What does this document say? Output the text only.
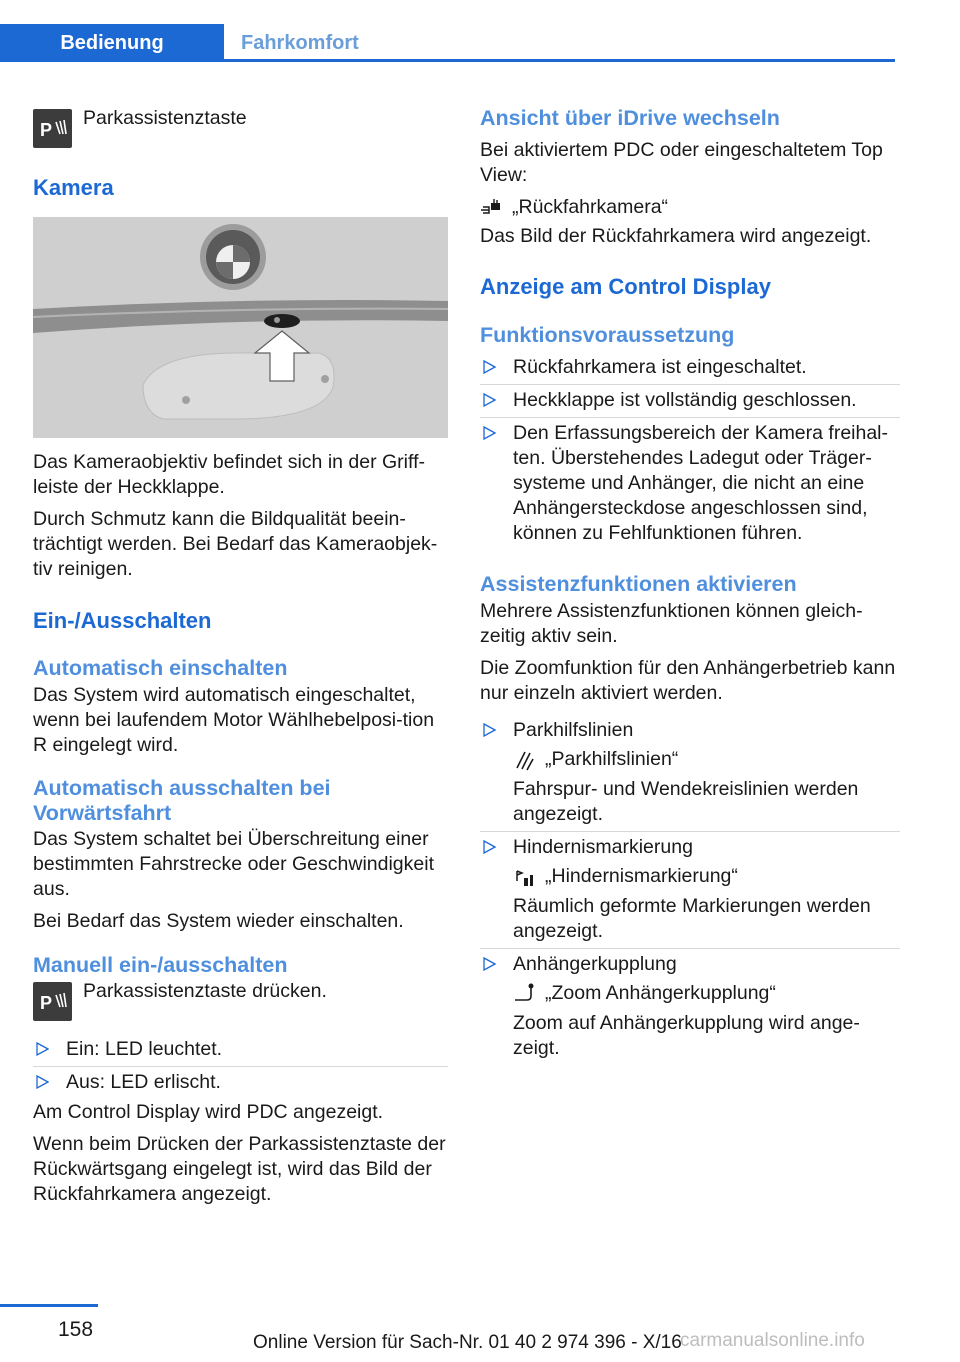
Bedienung	Fahrkomfort
P
Parkassistenztaste
Kamera

Das Kameraobjektiv befindet sich in der Griff-leiste der Heckklappe.

Durch Schmutz kann die Bildqualität beein-trächtigt werden. Bei Bedarf das Kameraobjek-tiv reinigen.

Ein-/Ausschalten
Automatisch einschalten

Das System wird automatisch eingeschaltet, wenn bei laufendem Motor Wählhebelposi-tion R eingelegt wird.

Automatisch ausschalten bei Vorwärtsfahrt

Das System schaltet bei Überschreitung einer bestimmten Fahrstrecke oder Geschwindigkeit aus.

Bei Bedarf das System wieder einschalten.

Manuell ein-/ausschalten
P
Parkassistenztaste drücken.
Ein: LED leuchtet.
Aus: LED erlischt.

Am Control Display wird PDC angezeigt.

Wenn beim Drücken der Parkassistenztaste der Rückwärtsgang eingelegt ist, wird das Bild der Rückfahrkamera angezeigt.

Ansicht über iDrive wechseln

Bei aktiviertem PDC oder eingeschaltetem Top View:

„Rückfahrkamera“

Das Bild der Rückfahrkamera wird angezeigt.

Anzeige am Control Display
Funktionsvoraussetzung
Rückfahrkamera ist eingeschaltet.
Heckklappe ist vollständig geschlossen.
Den Erfassungsbereich der Kamera freihal-ten. Überstehendes Ladegut oder Träger-systeme und Anhänger, die nicht an eine Anhängersteckdose angeschlossen sind, können zu Fehlfunktionen führen.
Assistenzfunktionen aktivieren

Mehrere Assistenzfunktionen können gleich-zeitig aktiv sein.

Die Zoomfunktion für den Anhängerbetrieb kann nur einzeln aktiviert werden.

Parkhilfslinien
„Parkhilfslinien“
Fahrspur- und Wendekreislinien werden angezeigt.
Hindernismarkierung
„Hindernismarkierung“
Räumlich geformte Markierungen werden angezeigt.
Anhängerkupplung
„Zoom Anhängerkupplung“
Zoom auf Anhängerkupplung wird ange-zeigt.
158
Online Version für Sach-Nr. 01 40 2 974 396 - X/16
carmanualsonline.info
